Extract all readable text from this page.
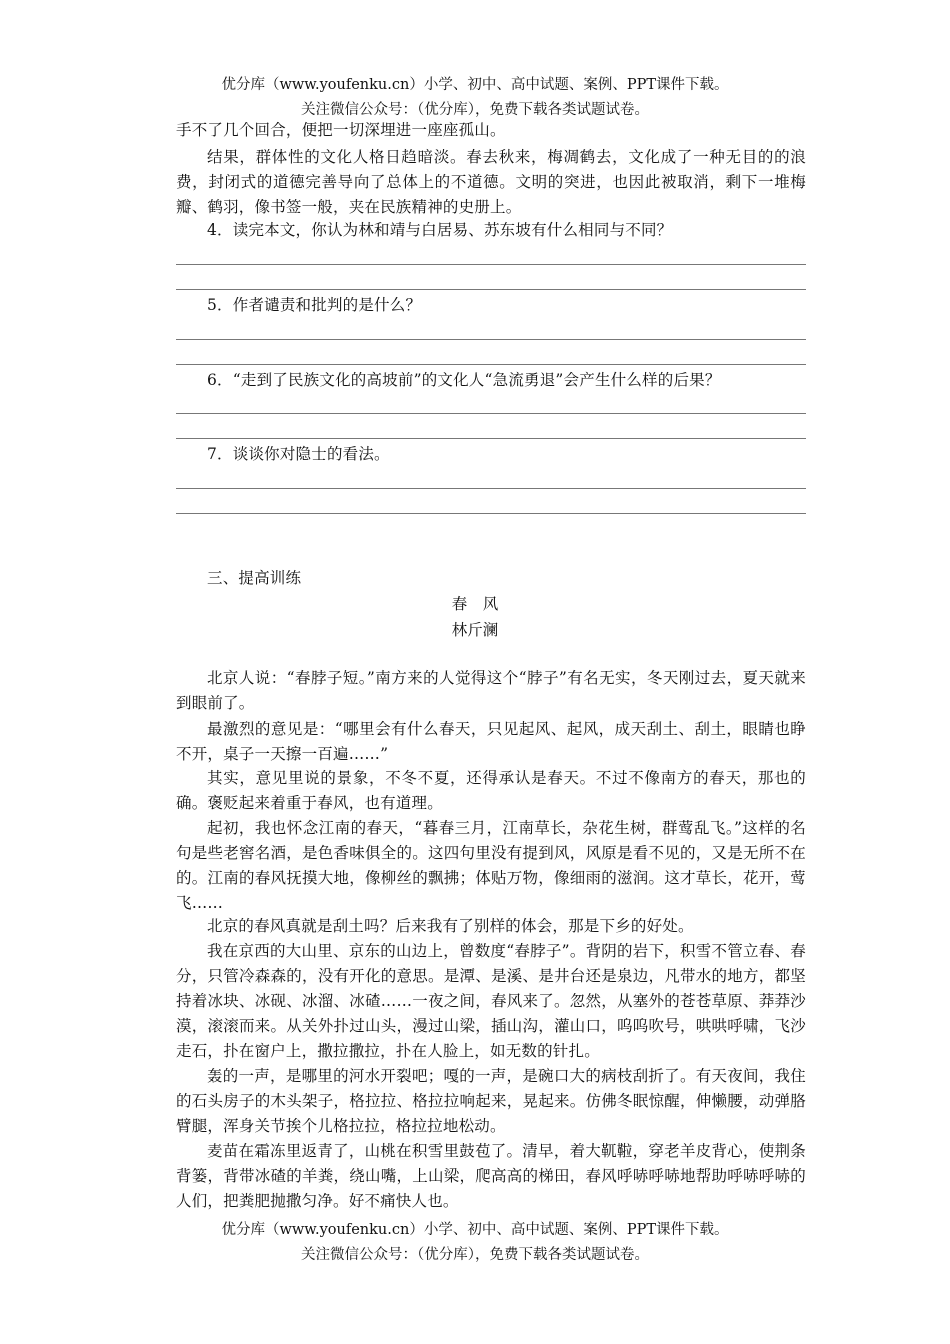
优分库（www.youfenku.cn）小学、初中、高中试题、案例、PPT课件下载。
关注微信公众号：（优分库），免费下载各类试题试卷。
手不了几个回合，便把一切深埋进一座座孤山。
结果，群体性的文化人格日趋暗淡。春去秋来，梅凋鹤去，文化成了一种无目的的浪费，封闭式的道德完善导向了总体上的不道德。文明的突进，也因此被取消，剩下一堆梅瓣、鹤羽，像书签一般，夹在民族精神的史册上。
4．读完本文，你认为林和靖与白居易、苏东坡有什么相同与不同？
5．作者谴责和批判的是什么？
6．“走到了民族文化的高坡前”的文化人“急流勇退”会产生什么样的后果？
7．谈谈你对隐士的看法。
三、提高训练
春　风
林斤澜
北京人说：“春脖子短。”南方来的人觉得这个“脖子”有名无实，冬天刚过去，夏天就来到眼前了。
最激烈的意见是：“哪里会有什么春天，只见起风、起风，成天刮土、刮土，眼睛也睁不开，桌子一天擦一百遍……”
其实，意见里说的景象，不冬不夏，还得承认是春天。不过不像南方的春天，那也的确。褒贬起来着重于春风，也有道理。
起初，我也怀念江南的春天，“暮春三月，江南草长，杂花生树，群莺乱飞。”这样的名句是些老窖名酒，是色香味俱全的。这四句里没有提到风，风原是看不见的，又是无所不在的。江南的春风抚摸大地，像柳丝的飘拂；体贴万物，像细雨的滋润。这才草长，花开，莺飞……
北京的春风真就是刮土吗？后来我有了别样的体会，那是下乡的好处。
我在京西的大山里、京东的山边上，曾数度“春脖子”。背阴的岩下，积雪不管立春、春分，只管冷森森的，没有开化的意思。是潭、是溪、是井台还是泉边，凡带水的地方，都坚持着冰块、冰砚、冰溜、冰碴……一夜之间，春风来了。忽然，从塞外的苍苍草原、莽莽沙漠，滚滚而来。从关外扑过山头，漫过山梁，插山沟，灌山口，呜呜吹号，哄哄呼啸，飞沙走石，扑在窗户上，撒拉撒拉，扑在人脸上，如无数的针扎。
轰的一声，是哪里的河水开裂吧；嘎的一声，是碗口大的病枝刮折了。有天夜间，我住的石头房子的木头架子，格拉拉、格拉拉响起来，晃起来。仿佛冬眠惊醒，伸懒腰，动弹胳臂腿，浑身关节挨个儿格拉拉，格拉拉地松动。
麦苗在霜冻里返青了，山桃在积雪里鼓苞了。清早，着大靰鞡，穿老羊皮背心，使荆条背篓，背带冰碴的羊粪，绕山嘴，上山梁，爬高高的梯田，春风呼哧呼哧地帮助呼哧呼哧的人们，把粪肥抛撒匀净。好不痛快人也。
优分库（www.youfenku.cn）小学、初中、高中试题、案例、PPT课件下载。
关注微信公众号：（优分库），免费下载各类试题试卷。
